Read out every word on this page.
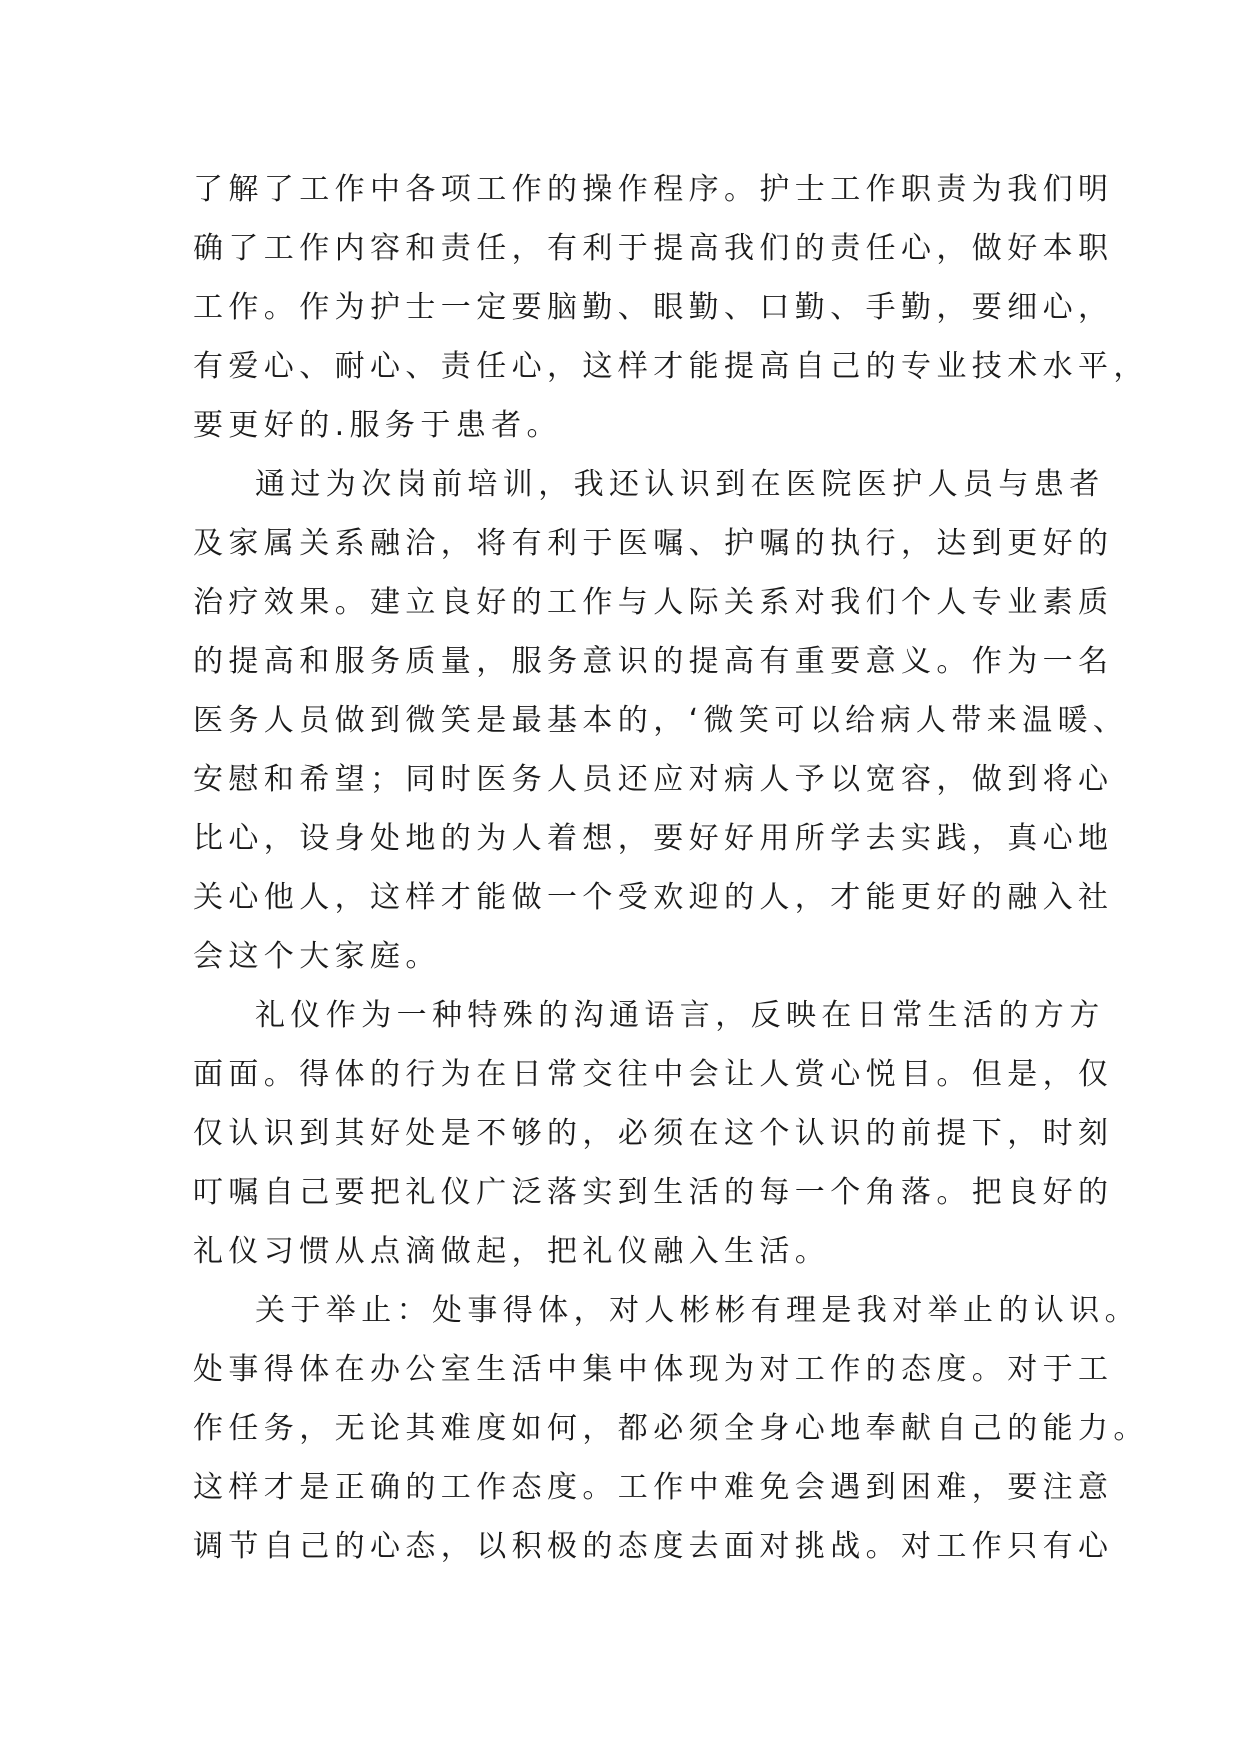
了解了工作中各项工作的操作程序。护士工作职责为我们明
确了工作内容和责任，有利于提高我们的责任心，做好本职
工作。作为护士一定要脑勤、眼勤、口勤、手勤，要细心，
有爱心、耐心、责任心，这样才能提高自己的专业技术水平，
要更好的.服务于患者。
通过为次岗前培训，我还认识到在医院医护人员与患者
及家属关系融洽，将有利于医嘱、护嘱的执行，达到更好的
治疗效果。建立良好的工作与人际关系对我们个人专业素质
的提高和服务质量，服务意识的提高有重要意义。作为一名
医务人员做到微笑是最基本的，‘微笑可以给病人带来温暖、
安慰和希望；同时医务人员还应对病人予以宽容，做到将心
比心，设身处地的为人着想，要好好用所学去实践，真心地
关心他人，这样才能做一个受欢迎的人，才能更好的融入社
会这个大家庭。
礼仪作为一种特殊的沟通语言，反映在日常生活的方方
面面。得体的行为在日常交往中会让人赏心悦目。但是，仅
仅认识到其好处是不够的，必须在这个认识的前提下，时刻
叮嘱自己要把礼仪广泛落实到生活的每一个角落。把良好的
礼仪习惯从点滴做起，把礼仪融入生活。
关于举止：处事得体，对人彬彬有理是我对举止的认识。
处事得体在办公室生活中集中体现为对工作的态度。对于工
作任务，无论其难度如何，都必须全身心地奉献自己的能力。
这样才是正确的工作态度。工作中难免会遇到困难，要注意
调节自己的心态，以积极的态度去面对挑战。对工作只有心
